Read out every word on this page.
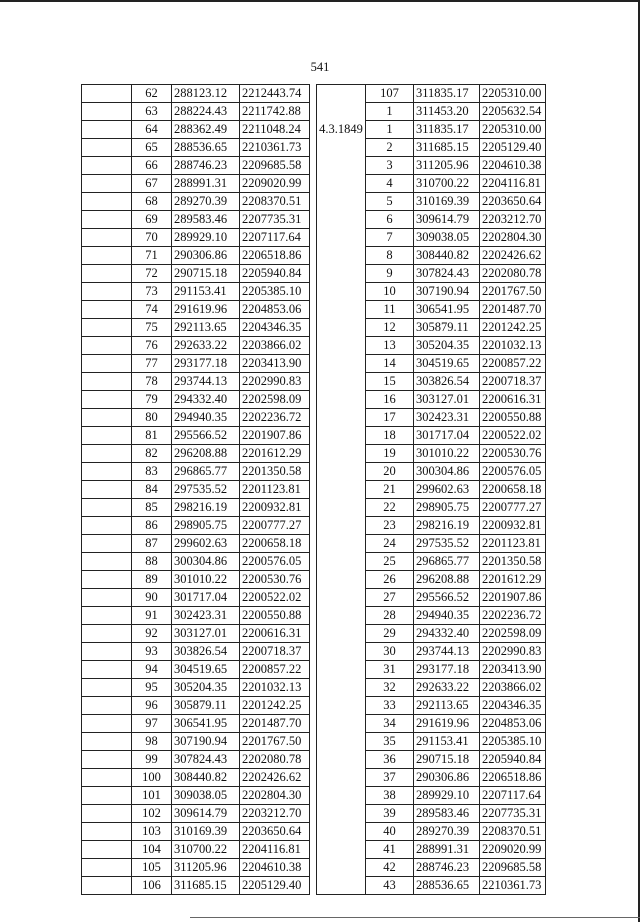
541
	62	288123.12	2212443.74			107	311835.17	2205310.00
	63	288224.43	2211742.88			1	311453.20	2205632.54
	64	288362.49	2211048.24		4.3.1849	1	311835.17	2205310.00
	65	288536.65	2210361.73			2	311685.15	2205129.40
	66	288746.23	2209685.58			3	311205.96	2204610.38
	67	288991.31	2209020.99			4	310700.22	2204116.81
	68	289270.39	2208370.51			5	310169.39	2203650.64
	69	289583.46	2207735.31			6	309614.79	2203212.70
	70	289929.10	2207117.64			7	309038.05	2202804.30
	71	290306.86	2206518.86			8	308440.82	2202426.62
	72	290715.18	2205940.84			9	307824.43	2202080.78
	73	291153.41	2205385.10			10	307190.94	2201767.50
	74	291619.96	2204853.06			11	306541.95	2201487.70
	75	292113.65	2204346.35			12	305879.11	2201242.25
	76	292633.22	2203866.02			13	305204.35	2201032.13
	77	293177.18	2203413.90			14	304519.65	2200857.22
	78	293744.13	2202990.83			15	303826.54	2200718.37
	79	294332.40	2202598.09			16	303127.01	2200616.31
	80	294940.35	2202236.72			17	302423.31	2200550.88
	81	295566.52	2201907.86			18	301717.04	2200522.02
	82	296208.88	2201612.29			19	301010.22	2200530.76
	83	296865.77	2201350.58			20	300304.86	2200576.05
	84	297535.52	2201123.81			21	299602.63	2200658.18
	85	298216.19	2200932.81			22	298905.75	2200777.27
	86	298905.75	2200777.27			23	298216.19	2200932.81
	87	299602.63	2200658.18			24	297535.52	2201123.81
	88	300304.86	2200576.05			25	296865.77	2201350.58
	89	301010.22	2200530.76			26	296208.88	2201612.29
	90	301717.04	2200522.02			27	295566.52	2201907.86
	91	302423.31	2200550.88			28	294940.35	2202236.72
	92	303127.01	2200616.31			29	294332.40	2202598.09
	93	303826.54	2200718.37			30	293744.13	2202990.83
	94	304519.65	2200857.22			31	293177.18	2203413.90
	95	305204.35	2201032.13			32	292633.22	2203866.02
	96	305879.11	2201242.25			33	292113.65	2204346.35
	97	306541.95	2201487.70			34	291619.96	2204853.06
	98	307190.94	2201767.50			35	291153.41	2205385.10
	99	307824.43	2202080.78			36	290715.18	2205940.84
	100	308440.82	2202426.62			37	290306.86	2206518.86
	101	309038.05	2202804.30			38	289929.10	2207117.64
	102	309614.79	2203212.70			39	289583.46	2207735.31
	103	310169.39	2203650.64			40	289270.39	2208370.51
	104	310700.22	2204116.81			41	288991.31	2209020.99
	105	311205.96	2204610.38			42	288746.23	2209685.58
	106	311685.15	2205129.40			43	288536.65	2210361.73
